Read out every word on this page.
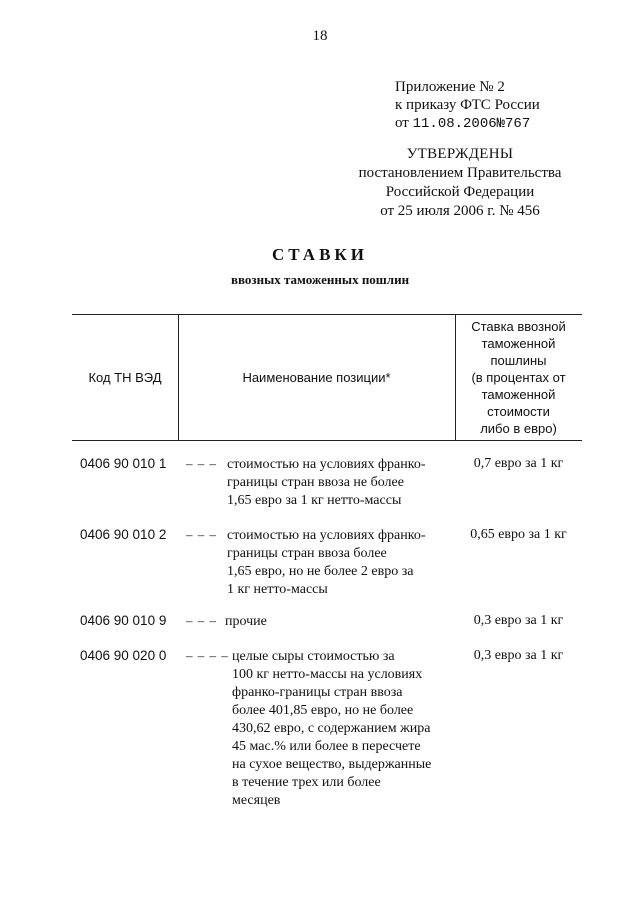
18
Приложение № 2
к приказу ФТС России
от 11.08.2006№767
УТВЕРЖДЕНЫ
постановлением Правительства
Российской Федерации
от 25 июля 2006 г. № 456
СТАВКИ
ввозных таможенных пошлин
Код ТН ВЭД	Наименование позиции*
Ставка ввозной
таможенной
пошлины
(в процентах от
таможенной
стоимости
либо в евро)
0406 90 010 1 – – – стоимостью на условиях франко-
границы стран ввоза не более
1,65 евро за 1 кг нетто-массы
0,7 евро за 1 кг
0406 90 010 2 – – – стоимостью на условиях франко-
границы стран ввоза более
1,65 евро, но не более 2 евро за
1 кг нетто-массы
0,65 евро за 1 кг
0406 90 010 9 – – – прочие	0,3 евро за 1 кг
0406 90 020 0 – – – – целые сыры стоимостью за
100 кг нетто-массы на условиях
франко-границы стран ввоза
более 401,85 евро, но не более
430,62 евро, с содержанием жира
45 мас.% или более в пересчете
на сухое вещество, выдержанные
в течение трех или более
месяцев
0,3 евро за 1 кг
